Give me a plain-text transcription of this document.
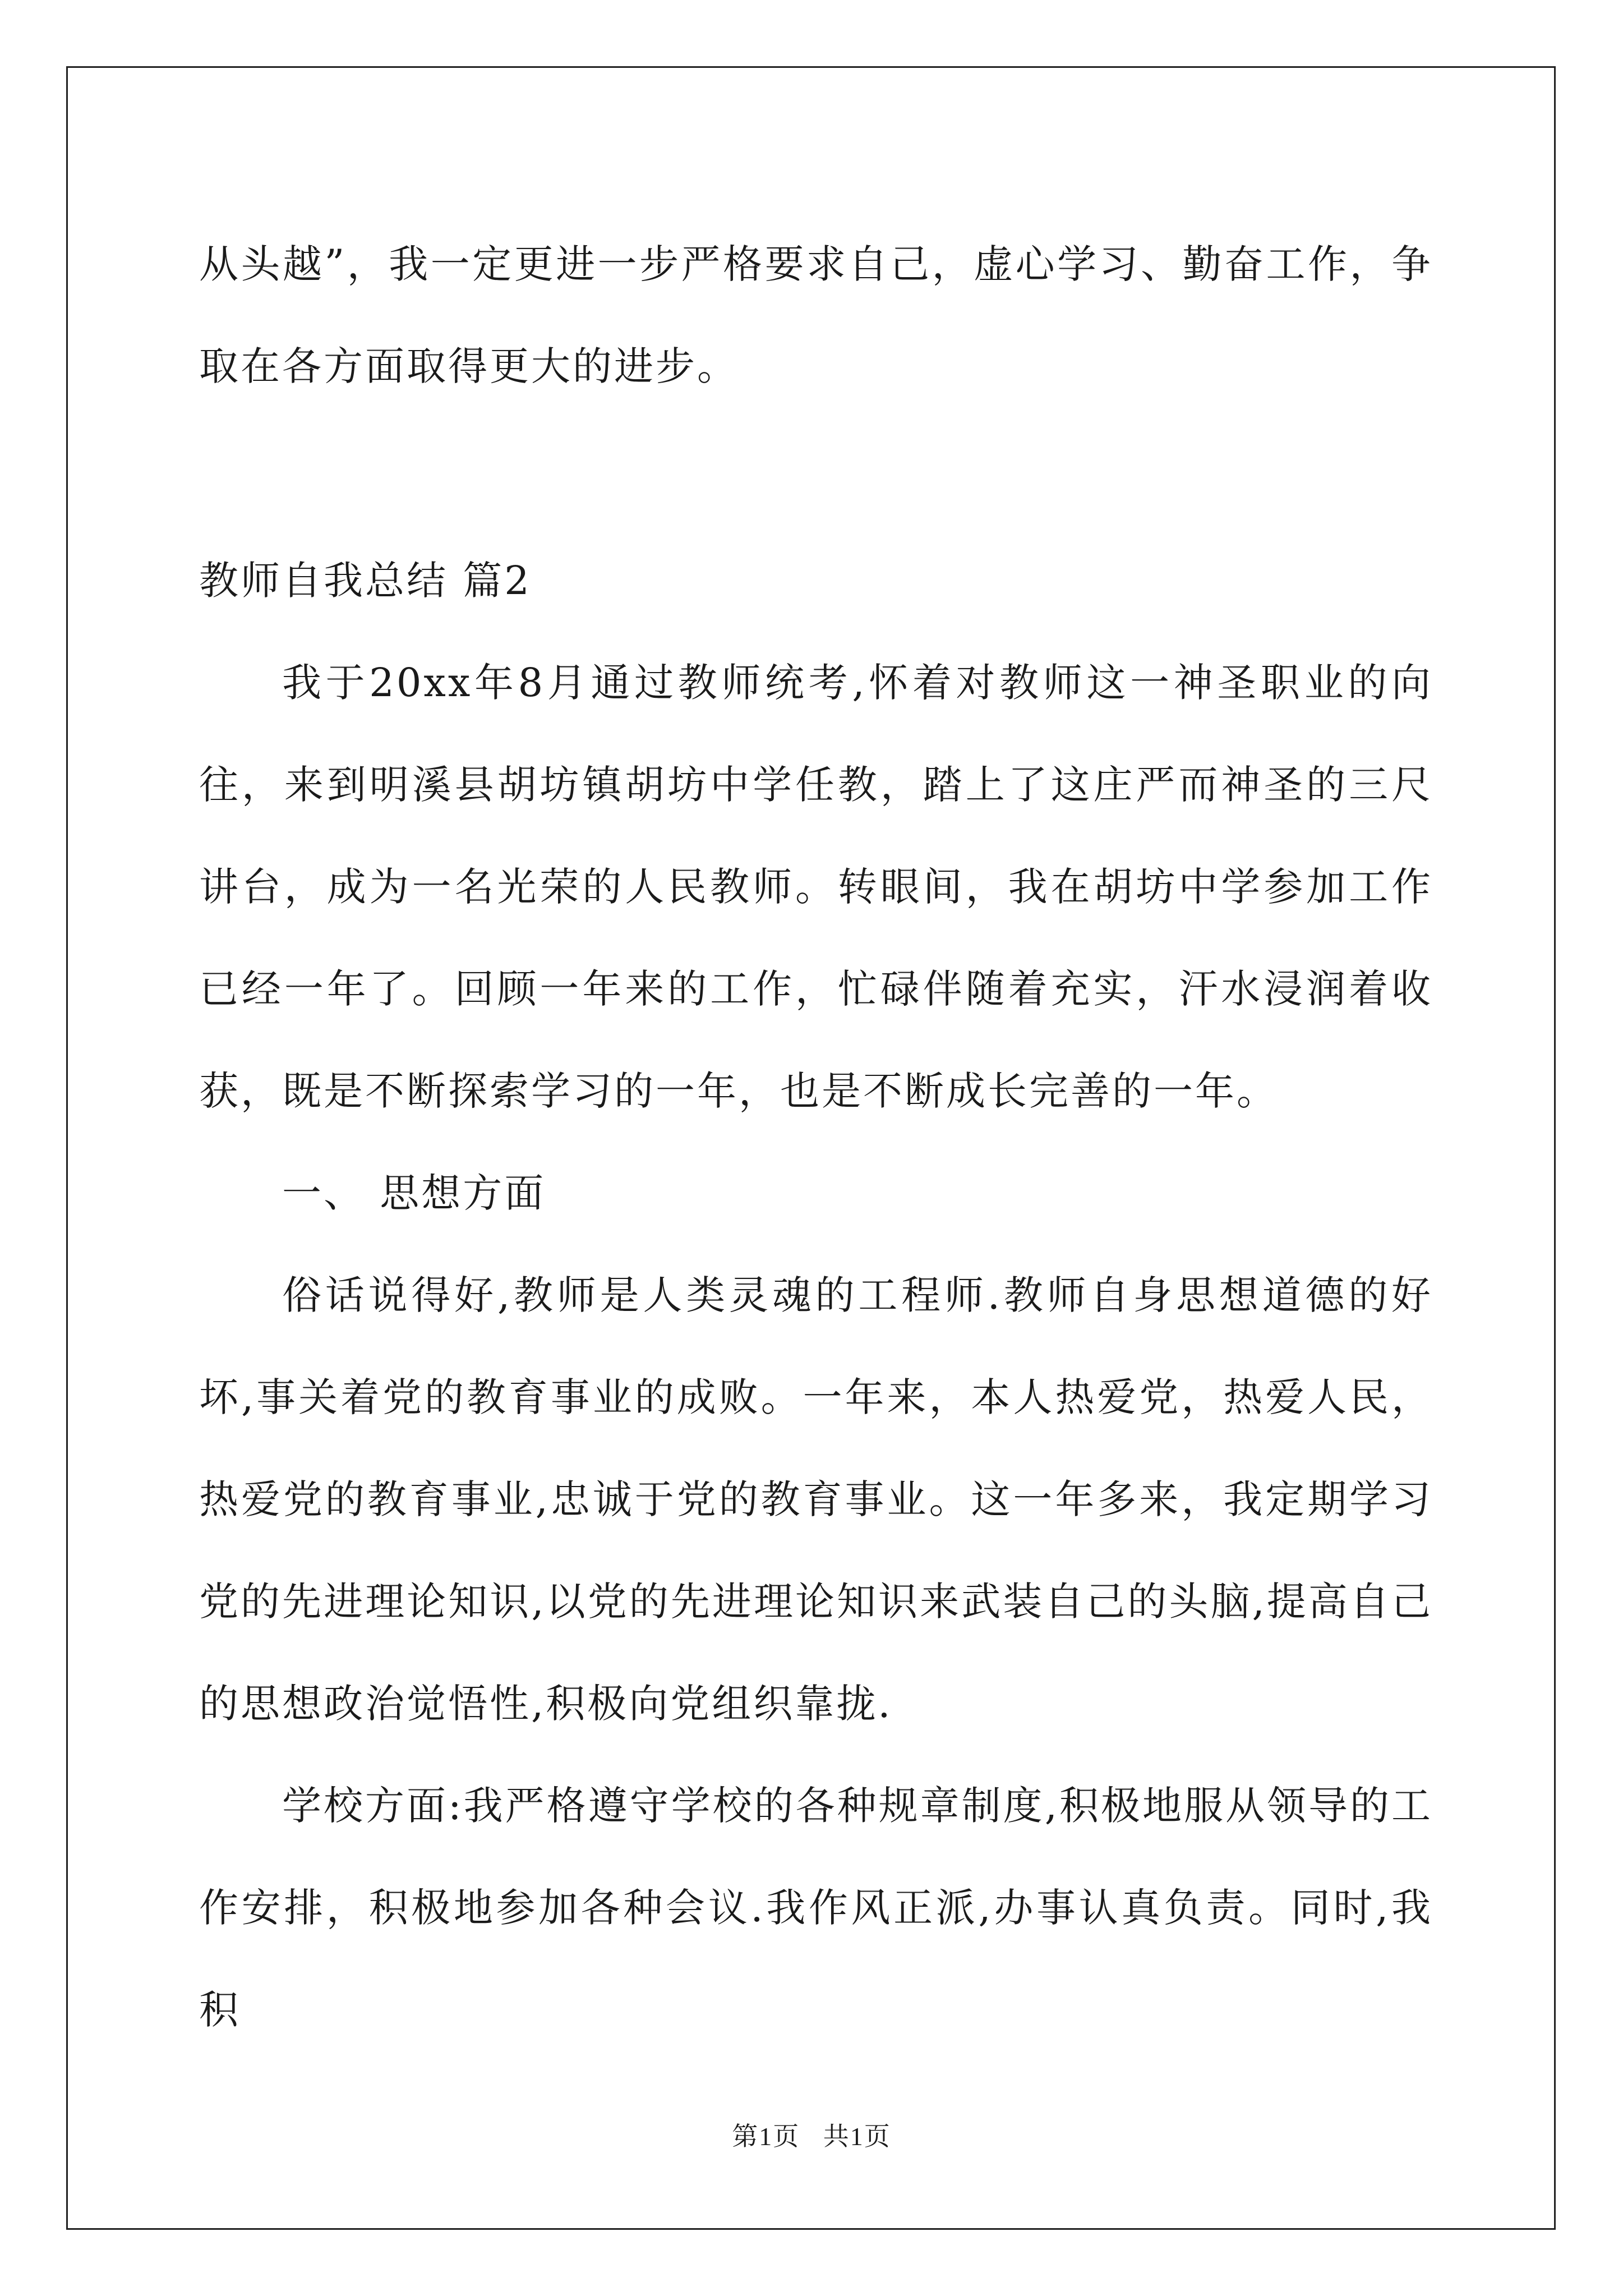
从头越”，我一定更进一步严格要求自己，虚心学习、勤奋工作，争取在各方面取得更大的进步。

教师自我总结 篇2

我于20xx年8月通过教师统考,怀着对教师这一神圣职业的向往，来到明溪县胡坊镇胡坊中学任教，踏上了这庄严而神圣的三尺讲台，成为一名光荣的人民教师。转眼间，我在胡坊中学参加工作已经一年了。回顾一年来的工作，忙碌伴随着充实，汗水浸润着收获，既是不断探索学习的一年，也是不断成长完善的一年。

一、 思想方面

俗话说得好,教师是人类灵魂的工程师.教师自身思想道德的好坏,事关着党的教育事业的成败。一年来，本人热爱党，热爱人民，热爱党的教育事业,忠诚于党的教育事业。这一年多来，我定期学习党的先进理论知识,以党的先进理论知识来武装自己的头脑,提高自己的思想政治觉悟性,积极向党组织靠拢.

学校方面:我严格遵守学校的各种规章制度,积极地服从领导的工作安排，积极地参加各种会议.我作风正派,办事认真负责。同时,我积

第1页 共1页
